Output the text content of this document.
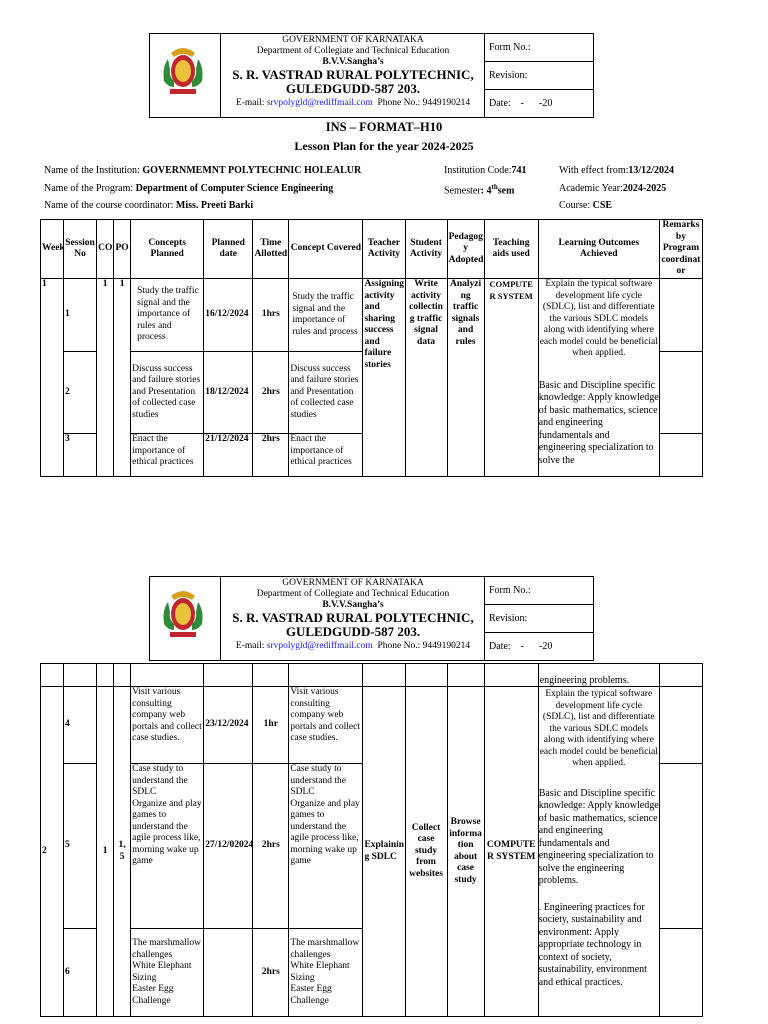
GOVERNMENT OF KARNATAKA
Department of Collegiate and Technical Education
B.V.V.Sangha’s
S. R. VASTRAD RURAL POLYTECHNIC,
GULEDGUDD-587 203.
E-mail: srvpolygld@rediffmail.com Phone No.: 9449190214
Form No.:
Revision:
Date:    -      -20
INS – FORMAT–H10
Lesson Plan for the year 2024-2025
Name of the Institution: GOVERNMEMNT POLYTECHNIC HOLEALUR
Name of the Program: Department of Computer Science Engineering
Name of the course coordinator: Miss. Preeti Barki
Institution Code:741
Semester: 4thsem
With effect from:13/12/2024
Academic Year:2024-2025
Course: CSE
Week	Session No	CO	PO	Concepts Planned	Planned date	Time Allotted	Concept Covered	Teacher Activity	Student Activity	Pedagog y Adopted	Teaching aids used	Learning Outcomes Achieved	Remarks by Program coordinat or
1	1	1	1	Study the traffic signal and the importance of rules and process	16/12/2024	1hrs	Study the traffic signal and the importance of rules and process	Assigning activity and sharing success and failure stories	Write activity collectin g traffic signal data	Analyzi ng traffic signals and rules	COMPUTE R SYSTEM	Explain the typical software development life cycle (SDLC), list and differentiate the various SDLC models along with identifying where each model could be beneficial when applied.
Basic and Discipline specific knowledge: Apply knowledge of basic mathematics, science and engineering fundamentals and engineering specialization to solve the	

	2			Discuss success and failure stories and Presentation of collected case studies	18/12/2024	2hrs	Discuss success and failure stories and Presentation of collected case studies						
	3			Enact the importance of ethical practices	21/12/2024	2hrs	Enact the importance of ethical practices						
GOVERNMENT OF KARNATAKA
Department of Collegiate and Technical Education
B.V.V.Sangha’s
S. R. VASTRAD RURAL POLYTECHNIC,
GULEDGUDD-587 203.
E-mail: srvpolygld@rediffmail.com Phone No.: 9449190214
Form No.:
Revision:
Date:    -      -20
												engineering problems.	
2	4	1	1, 5	Visit various consulting company web portals and collect case studies.	23/12/2024	1hr	Visit various consulting company web portals and collect case studies.	Explainin g SDLC	Collect case study from websites	Browse informa tion about case study	COMPUTE R SYSTEM	Explain the typical software development life cycle (SDLC), list and differentiate the various SDLC models along with identifying where each model could be beneficial when applied.
Basic and Discipline specific knowledge: Apply knowledge of basic mathematics, science and engineering fundamentals and engineering specialization to solve the engineering problems.
. Engineering practices for society, sustainability and environment: Apply appropriate technology in context of society, sustainability, environment and ethical practices.	

	5			Case study to understand the SDLC
Organize and play
games to understand the agile process like,
morning wake up
game	27/12/02024	2hrs	Case study to understand the SDLC
Organize and play
games to understand the agile process like,
morning wake up
game						
	6			The marshmallow challenges
White Elephant Sizing
Easter Egg Challenge		2hrs	The marshmallow challenges
White Elephant Sizing
Easter Egg Challenge						
